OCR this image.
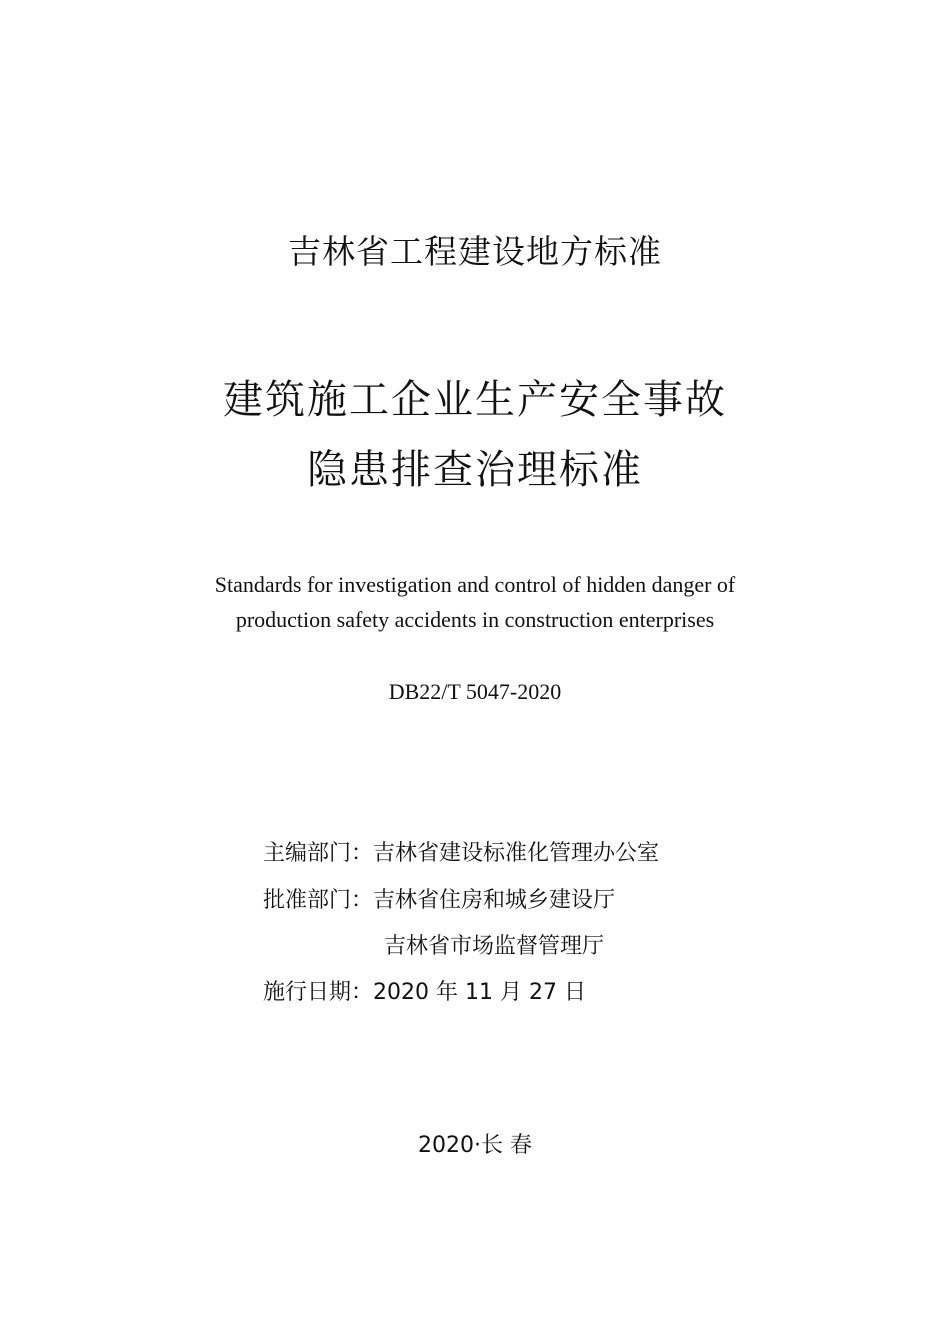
吉林省工程建设地方标准
建筑施工企业生产安全事故
隐患排查治理标准
Standards for investigation and control of hidden danger of
production safety accidents in construction enterprises
DB22/T 5047-2020
主编部门：吉林省建设标准化管理办公室
批准部门：吉林省住房和城乡建设厅
吉林省市场监督管理厅
施行日期：2020 年 11 月 27 日
2020·长 春
